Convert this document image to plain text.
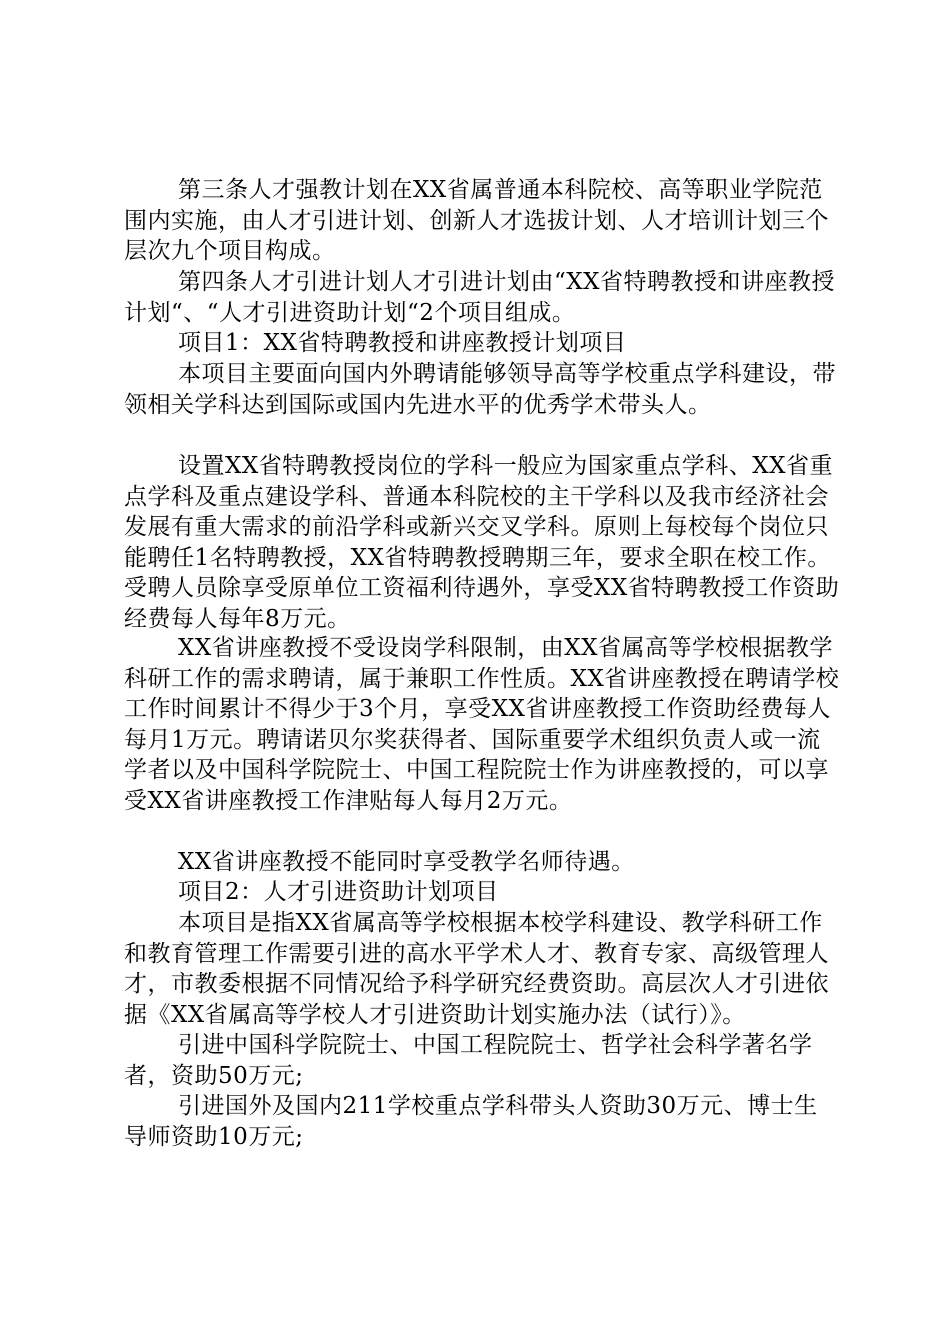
第三条人才强教计划在XX省属普通本科院校、高等职业学院范围内实施，由人才引进计划、创新人才选拔计划、人才培训计划三个层次九个项目构成。

第四条人才引进计划人才引进计划由“XX省特聘教授和讲座教授计划“、“人才引进资助计划“2个项目组成。

项目1：XX省特聘教授和讲座教授计划项目

本项目主要面向国内外聘请能够领导高等学校重点学科建设，带领相关学科达到国际或国内先进水平的优秀学术带头人。

设置XX省特聘教授岗位的学科一般应为国家重点学科、XX省重点学科及重点建设学科、普通本科院校的主干学科以及我市经济社会发展有重大需求的前沿学科或新兴交叉学科。原则上每校每个岗位只能聘任1名特聘教授，XX省特聘教授聘期三年，要求全职在校工作。受聘人员除享受原单位工资福利待遇外，享受XX省特聘教授工作资助经费每人每年8万元。

XX省讲座教授不受设岗学科限制，由XX省属高等学校根据教学科研工作的需求聘请，属于兼职工作性质。XX省讲座教授在聘请学校工作时间累计不得少于3个月，享受XX省讲座教授工作资助经费每人每月1万元。聘请诺贝尔奖获得者、国际重要学术组织负责人或一流学者以及中国科学院院士、中国工程院院士作为讲座教授的，可以享受XX省讲座教授工作津贴每人每月2万元。

XX省讲座教授不能同时享受教学名师待遇。

项目2：人才引进资助计划项目

本项目是指XX省属高等学校根据本校学科建设、教学科研工作和教育管理工作需要引进的高水平学术人才、教育专家、高级管理人才，市教委根据不同情况给予科学研究经费资助。高层次人才引进依据《XX省属高等学校人才引进资助计划实施办法（试行）》。

引进中国科学院院士、中国工程院院士、哲学社会科学著名学者，资助50万元;

引进国外及国内211学校重点学科带头人资助30万元、博士生导师资助10万元;
